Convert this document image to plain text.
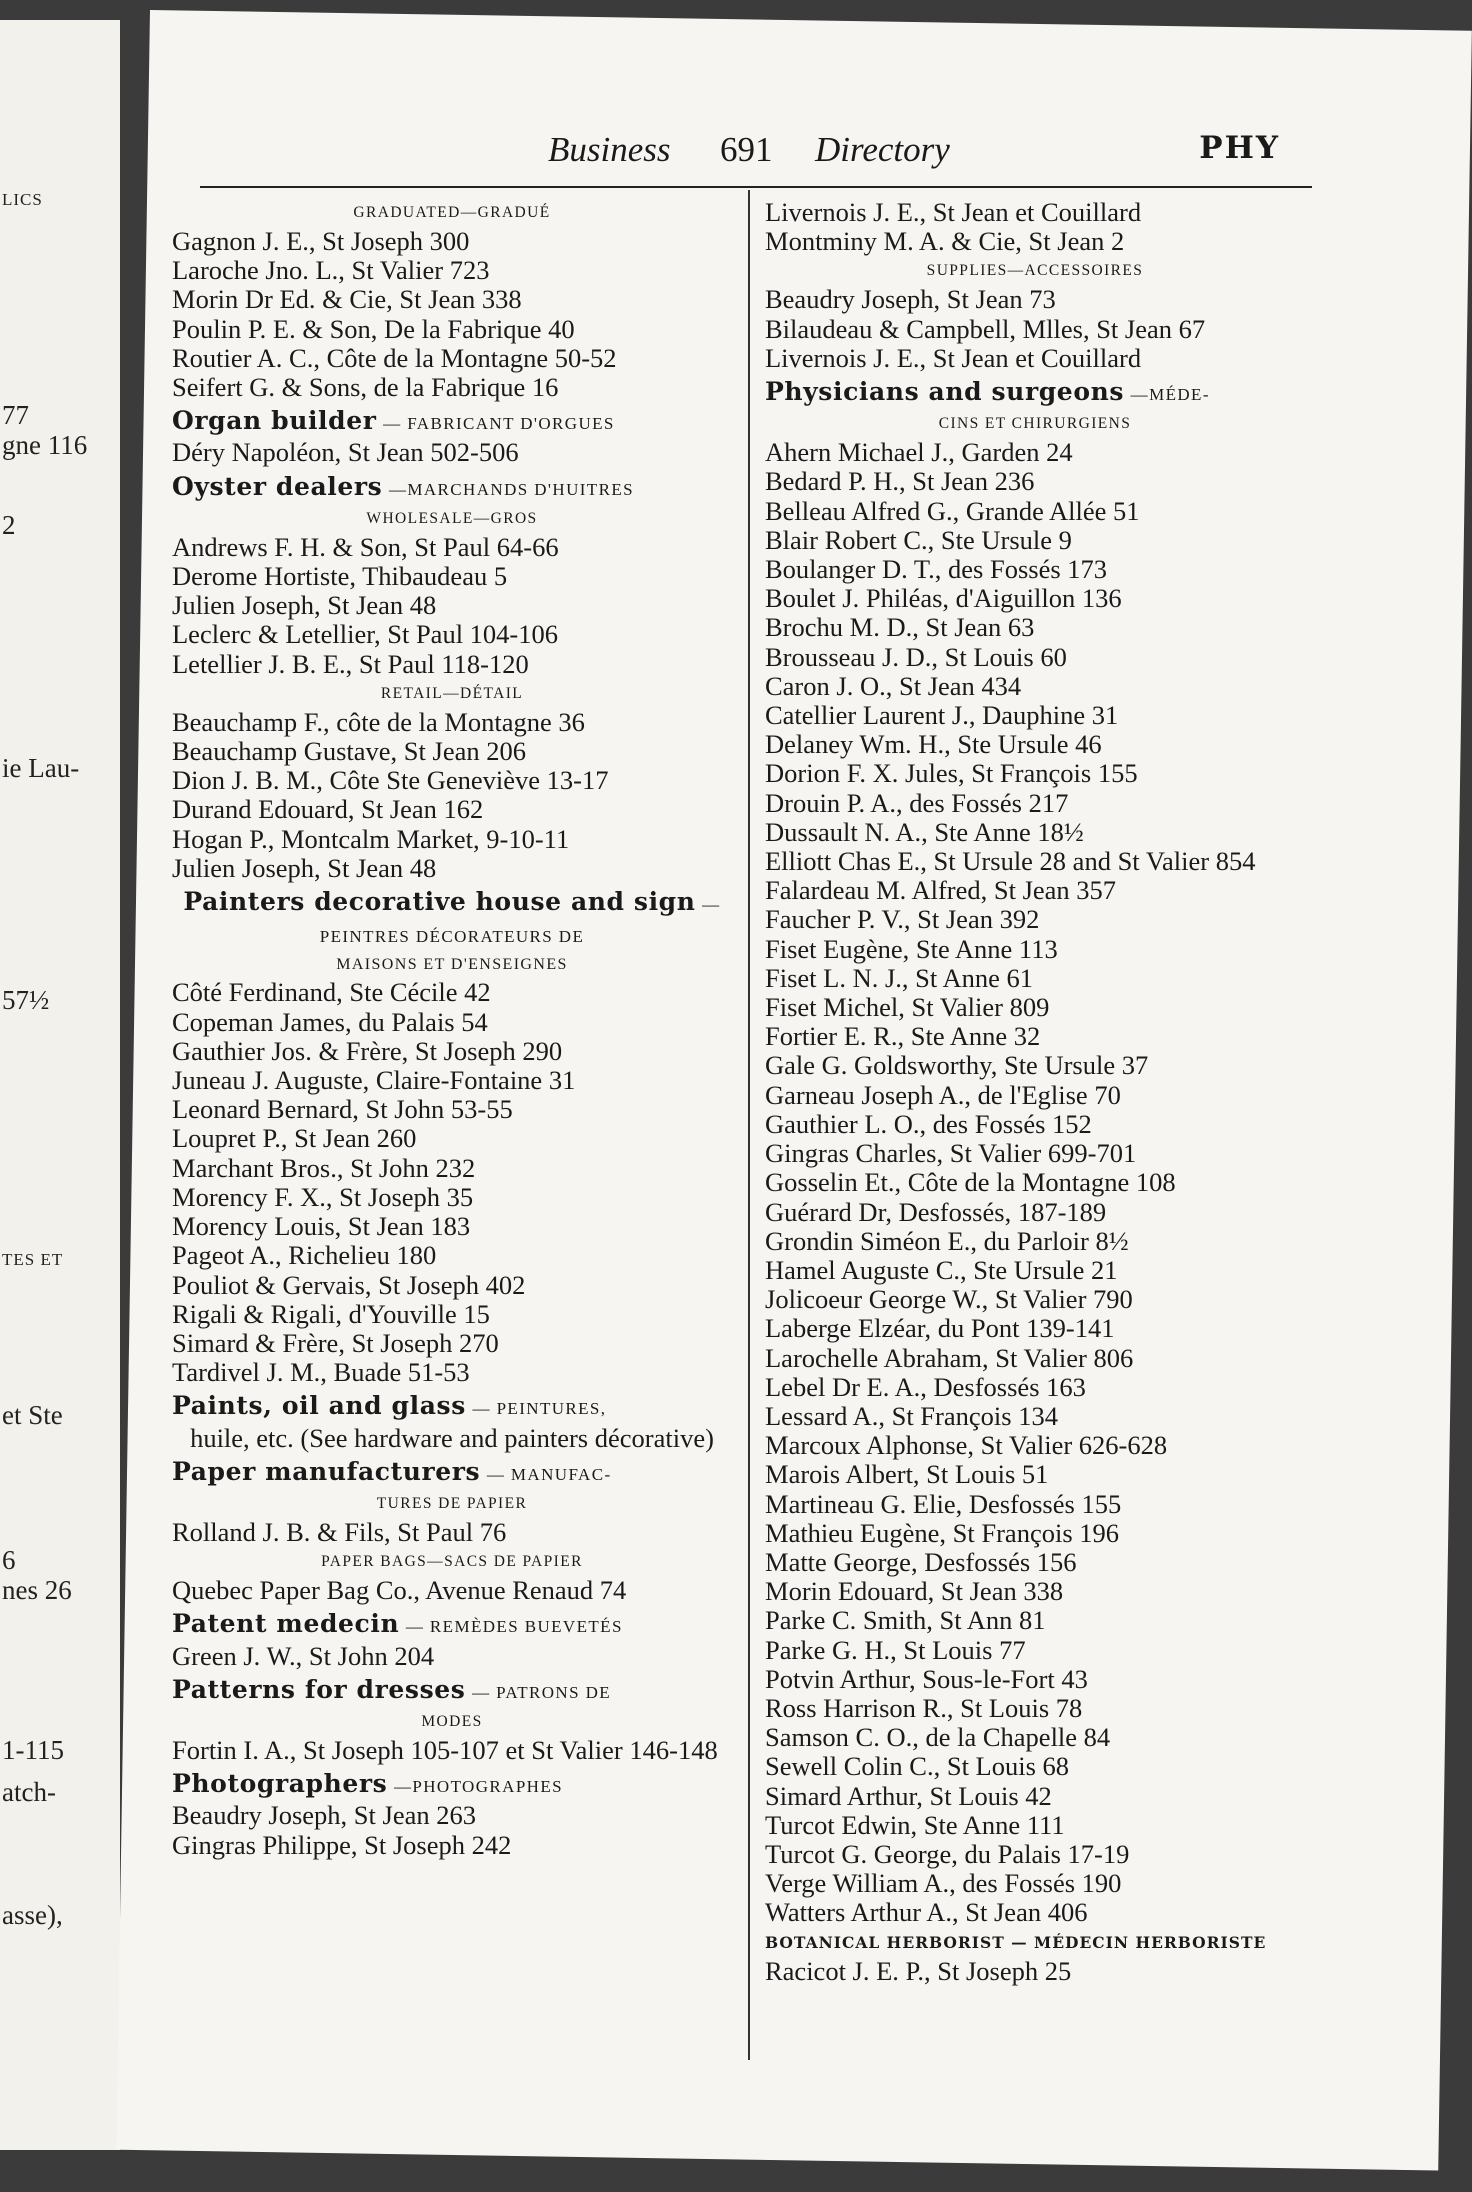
LICS
77
gne 116
2
ie Lau-
57½
TES ET
et Ste
6
nes 26
1-115
atch-
asse),
Business 691 Directory	PHY
GRADUATED—GRADUÉ
Gagnon J. E., St Joseph 300
Laroche Jno. L., St Valier 723
Morin Dr Ed. & Cie, St Jean 338
Poulin P. E. & Son, De la Fabrique 40
Routier A. C., Côte de la Montagne 50-52
Seifert G. & Sons, de la Fabrique 16
Organ builder — FABRICANT D'ORGUES
Déry Napoléon, St Jean 502-506
Oyster dealers —MARCHANDS D'HUITRES
WHOLESALE—GROS
Andrews F. H. & Son, St Paul 64-66
Derome Hortiste, Thibaudeau 5
Julien Joseph, St Jean 48
Leclerc & Letellier, St Paul 104-106
Letellier J. B. E., St Paul 118-120
RETAIL—DÉTAIL
Beauchamp F., côte de la Montagne 36
Beauchamp Gustave, St Jean 206
Dion J. B. M., Côte Ste Geneviève 13-17
Durand Edouard, St Jean 162
Hogan P., Montcalm Market, 9-10-11
Julien Joseph, St Jean 48
Painters decorative house and sign —PEINTRES DÉCORATEURS DE
MAISONS ET D'ENSEIGNES
Côté Ferdinand, Ste Cécile 42
Copeman James, du Palais 54
Gauthier Jos. & Frère, St Joseph 290
Juneau J. Auguste, Claire-Fontaine 31
Leonard Bernard, St John 53-55
Loupret P., St Jean 260
Marchant Bros., St John 232
Morency F. X., St Joseph 35
Morency Louis, St Jean 183
Pageot A., Richelieu 180
Pouliot & Gervais, St Joseph 402
Rigali & Rigali, d'Youville 15
Simard & Frère, St Joseph 270
Tardivel J. M., Buade 51-53
Paints, oil and glass — PEINTURES,
huile, etc. (See hardware and painters décorative)
Paper manufacturers — MANUFAC-
TURES DE PAPIER
Rolland J. B. & Fils, St Paul 76
PAPER BAGS—SACS DE PAPIER
Quebec Paper Bag Co., Avenue Renaud 74
Patent medecin — REMÈDES BUEVETÉS
Green J. W., St John 204
Patterns for dresses — PATRONS DE
MODES
Fortin I. A., St Joseph 105-107 et St Valier 146-148
Photographers —PHOTOGRAPHES
Beaudry Joseph, St Jean 263
Gingras Philippe, St Joseph 242
Livernois J. E., St Jean et Couillard
Montminy M. A. & Cie, St Jean 2
SUPPLIES—ACCESSOIRES
Beaudry Joseph, St Jean 73
Bilaudeau & Campbell, Mlles, St Jean 67
Livernois J. E., St Jean et Couillard
Physicians and surgeons —MÉDE-
CINS ET CHIRURGIENS
Ahern Michael J., Garden 24
Bedard P. H., St Jean 236
Belleau Alfred G., Grande Allée 51
Blair Robert C., Ste Ursule 9
Boulanger D. T., des Fossés 173
Boulet J. Philéas, d'Aiguillon 136
Brochu M. D., St Jean 63
Brousseau J. D., St Louis 60
Caron J. O., St Jean 434
Catellier Laurent J., Dauphine 31
Delaney Wm. H., Ste Ursule 46
Dorion F. X. Jules, St François 155
Drouin P. A., des Fossés 217
Dussault N. A., Ste Anne 18½
Elliott Chas E., St Ursule 28 and St Valier 854
Falardeau M. Alfred, St Jean 357
Faucher P. V., St Jean 392
Fiset Eugène, Ste Anne 113
Fiset L. N. J., St Anne 61
Fiset Michel, St Valier 809
Fortier E. R., Ste Anne 32
Gale G. Goldsworthy, Ste Ursule 37
Garneau Joseph A., de l'Eglise 70
Gauthier L. O., des Fossés 152
Gingras Charles, St Valier 699-701
Gosselin Et., Côte de la Montagne 108
Guérard Dr, Desfossés, 187-189
Grondin Siméon E., du Parloir 8½
Hamel Auguste C., Ste Ursule 21
Jolicoeur George W., St Valier 790
Laberge Elzéar, du Pont 139-141
Larochelle Abraham, St Valier 806
Lebel Dr E. A., Desfossés 163
Lessard A., St François 134
Marcoux Alphonse, St Valier 626-628
Marois Albert, St Louis 51
Martineau G. Elie, Desfossés 155
Mathieu Eugène, St François 196
Matte George, Desfossés 156
Morin Edouard, St Jean 338
Parke C. Smith, St Ann 81
Parke G. H., St Louis 77
Potvin Arthur, Sous-le-Fort 43
Ross Harrison R., St Louis 78
Samson C. O., de la Chapelle 84
Sewell Colin C., St Louis 68
Simard Arthur, St Louis 42
Turcot Edwin, Ste Anne 111
Turcot G. George, du Palais 17-19
Verge William A., des Fossés 190
Watters Arthur A., St Jean 406
BOTANICAL HERBORIST — MÉDECIN HERBORISTE
Racicot J. E. P., St Joseph 25
